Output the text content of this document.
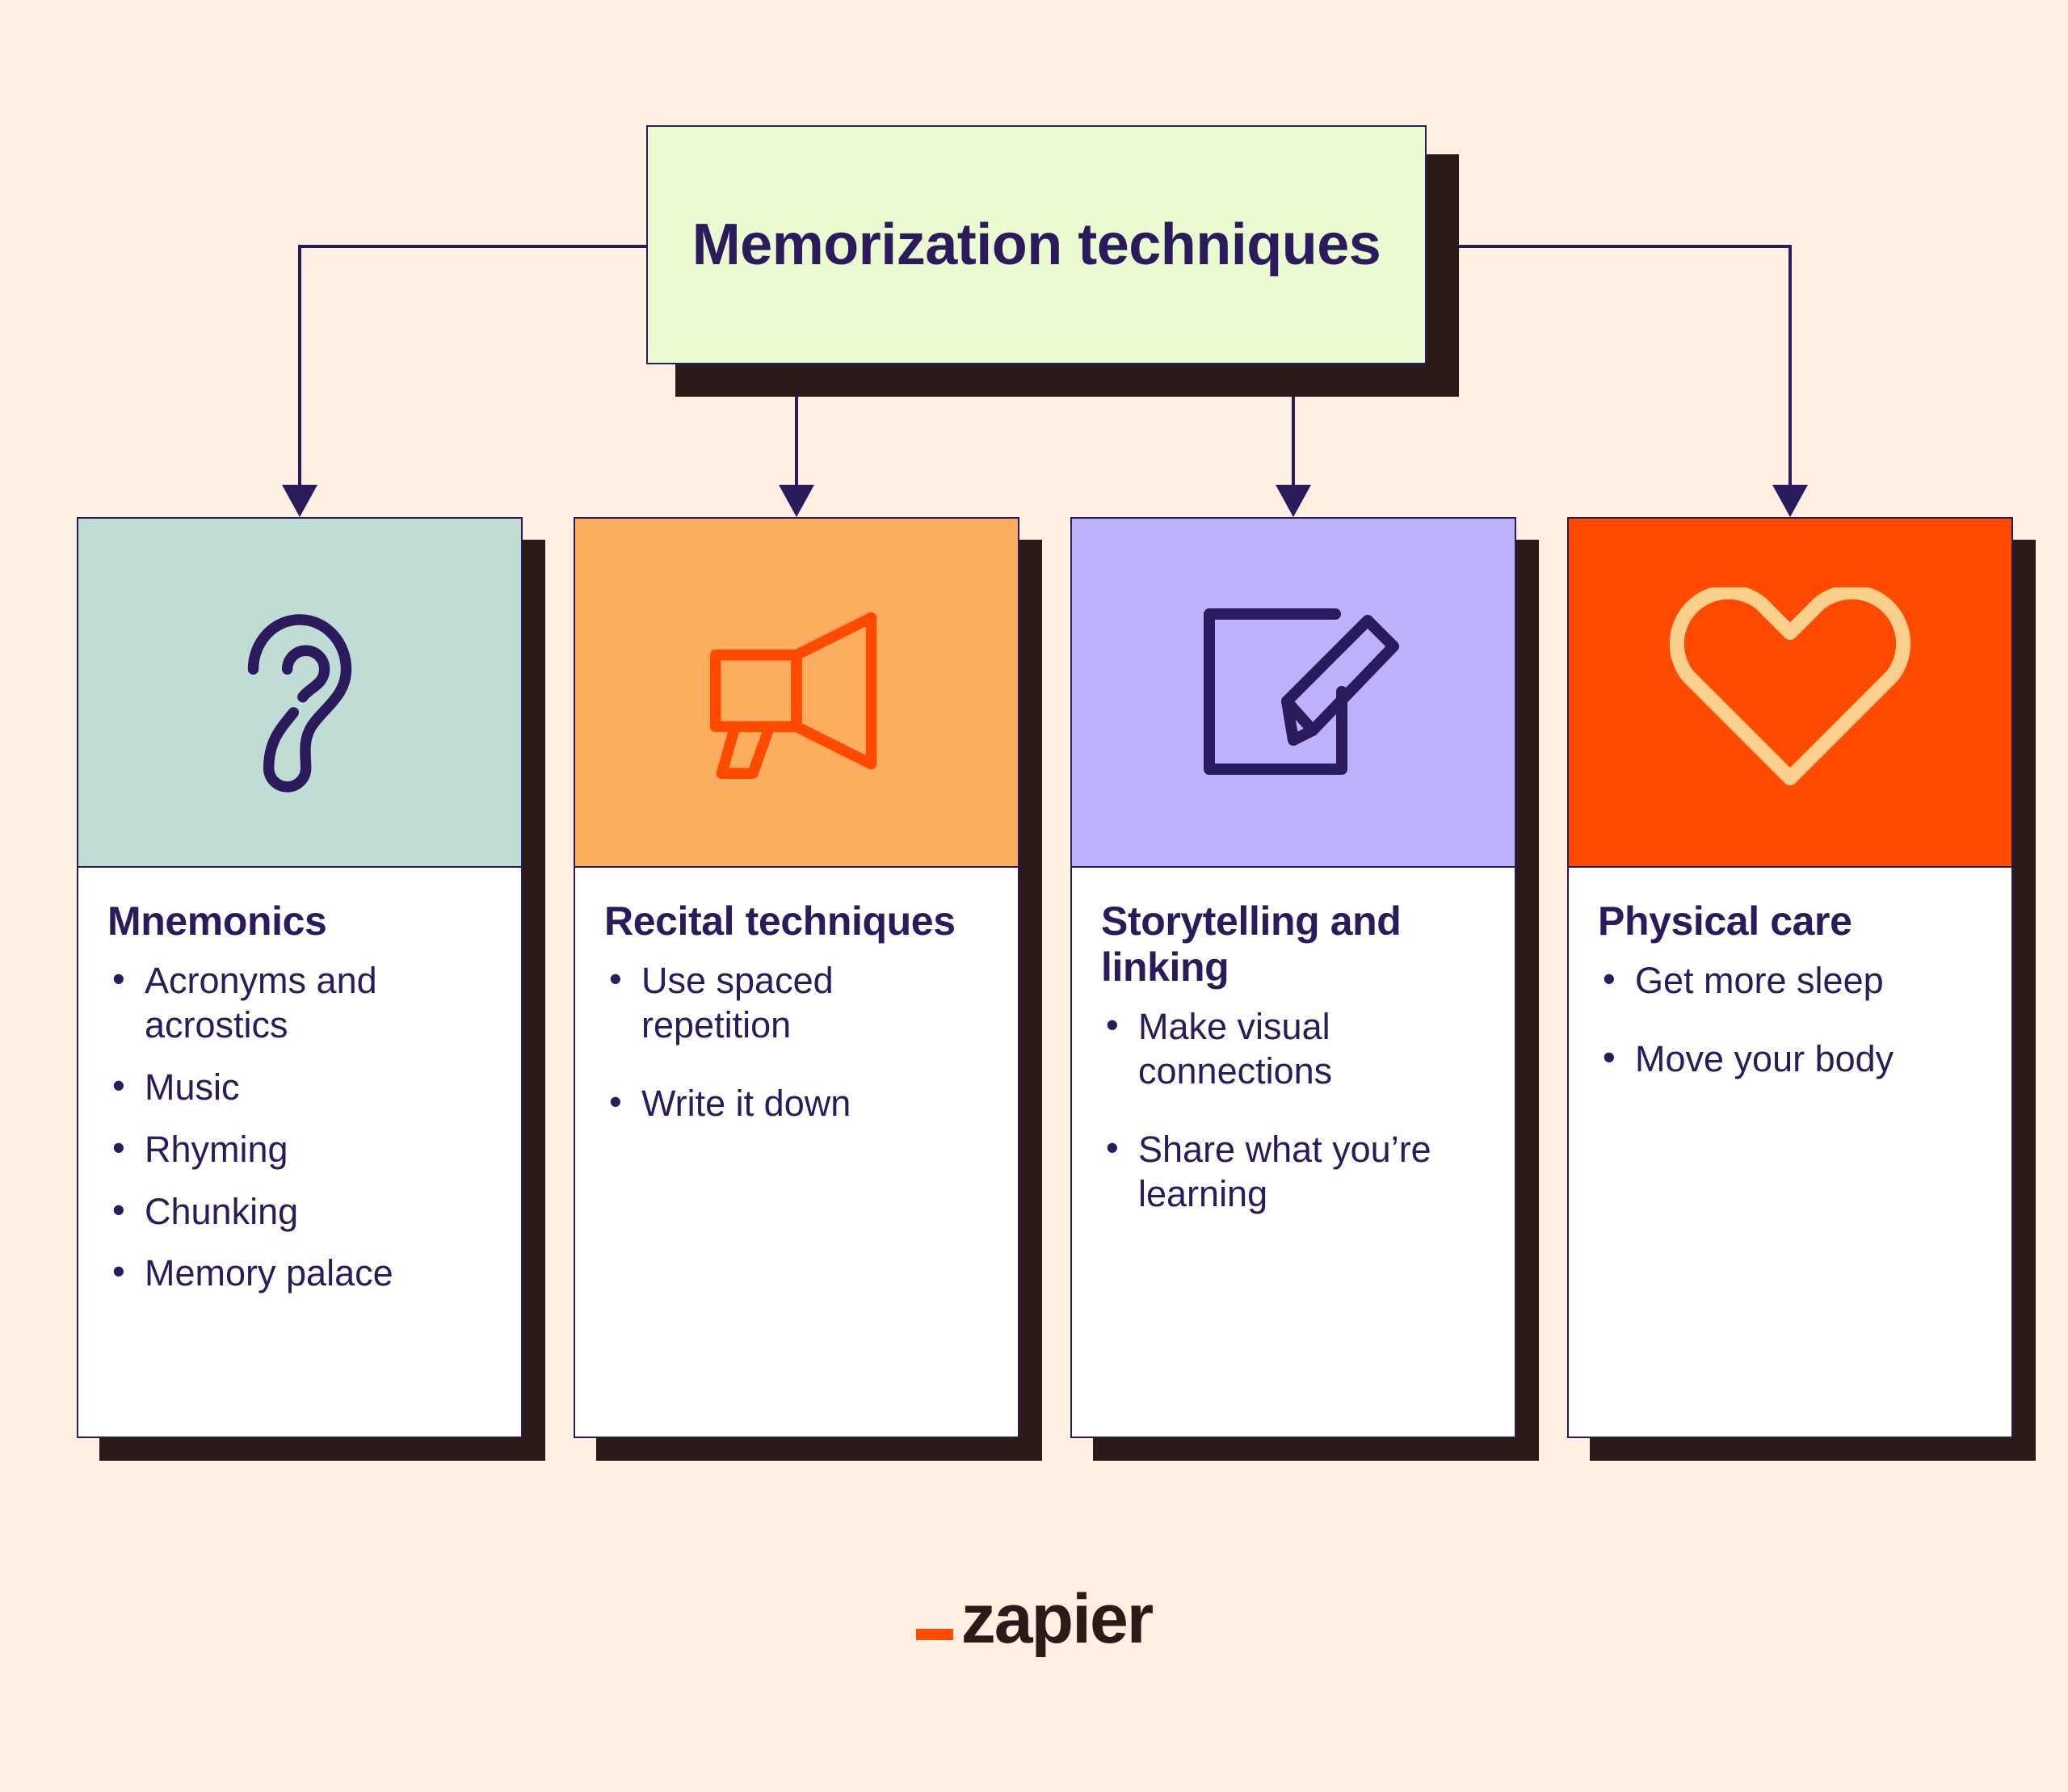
Memorization techniques
Mnemonics
• Acronyms and acrostics
• Music
• Rhyming
• Chunking
• Memory palace
Recital techniques
• Use spaced repetition
• Write it down
Storytelling and linking
• Make visual connections
• Share what you’re learning
Physical care
• Get more sleep
• Move your body
zapier
